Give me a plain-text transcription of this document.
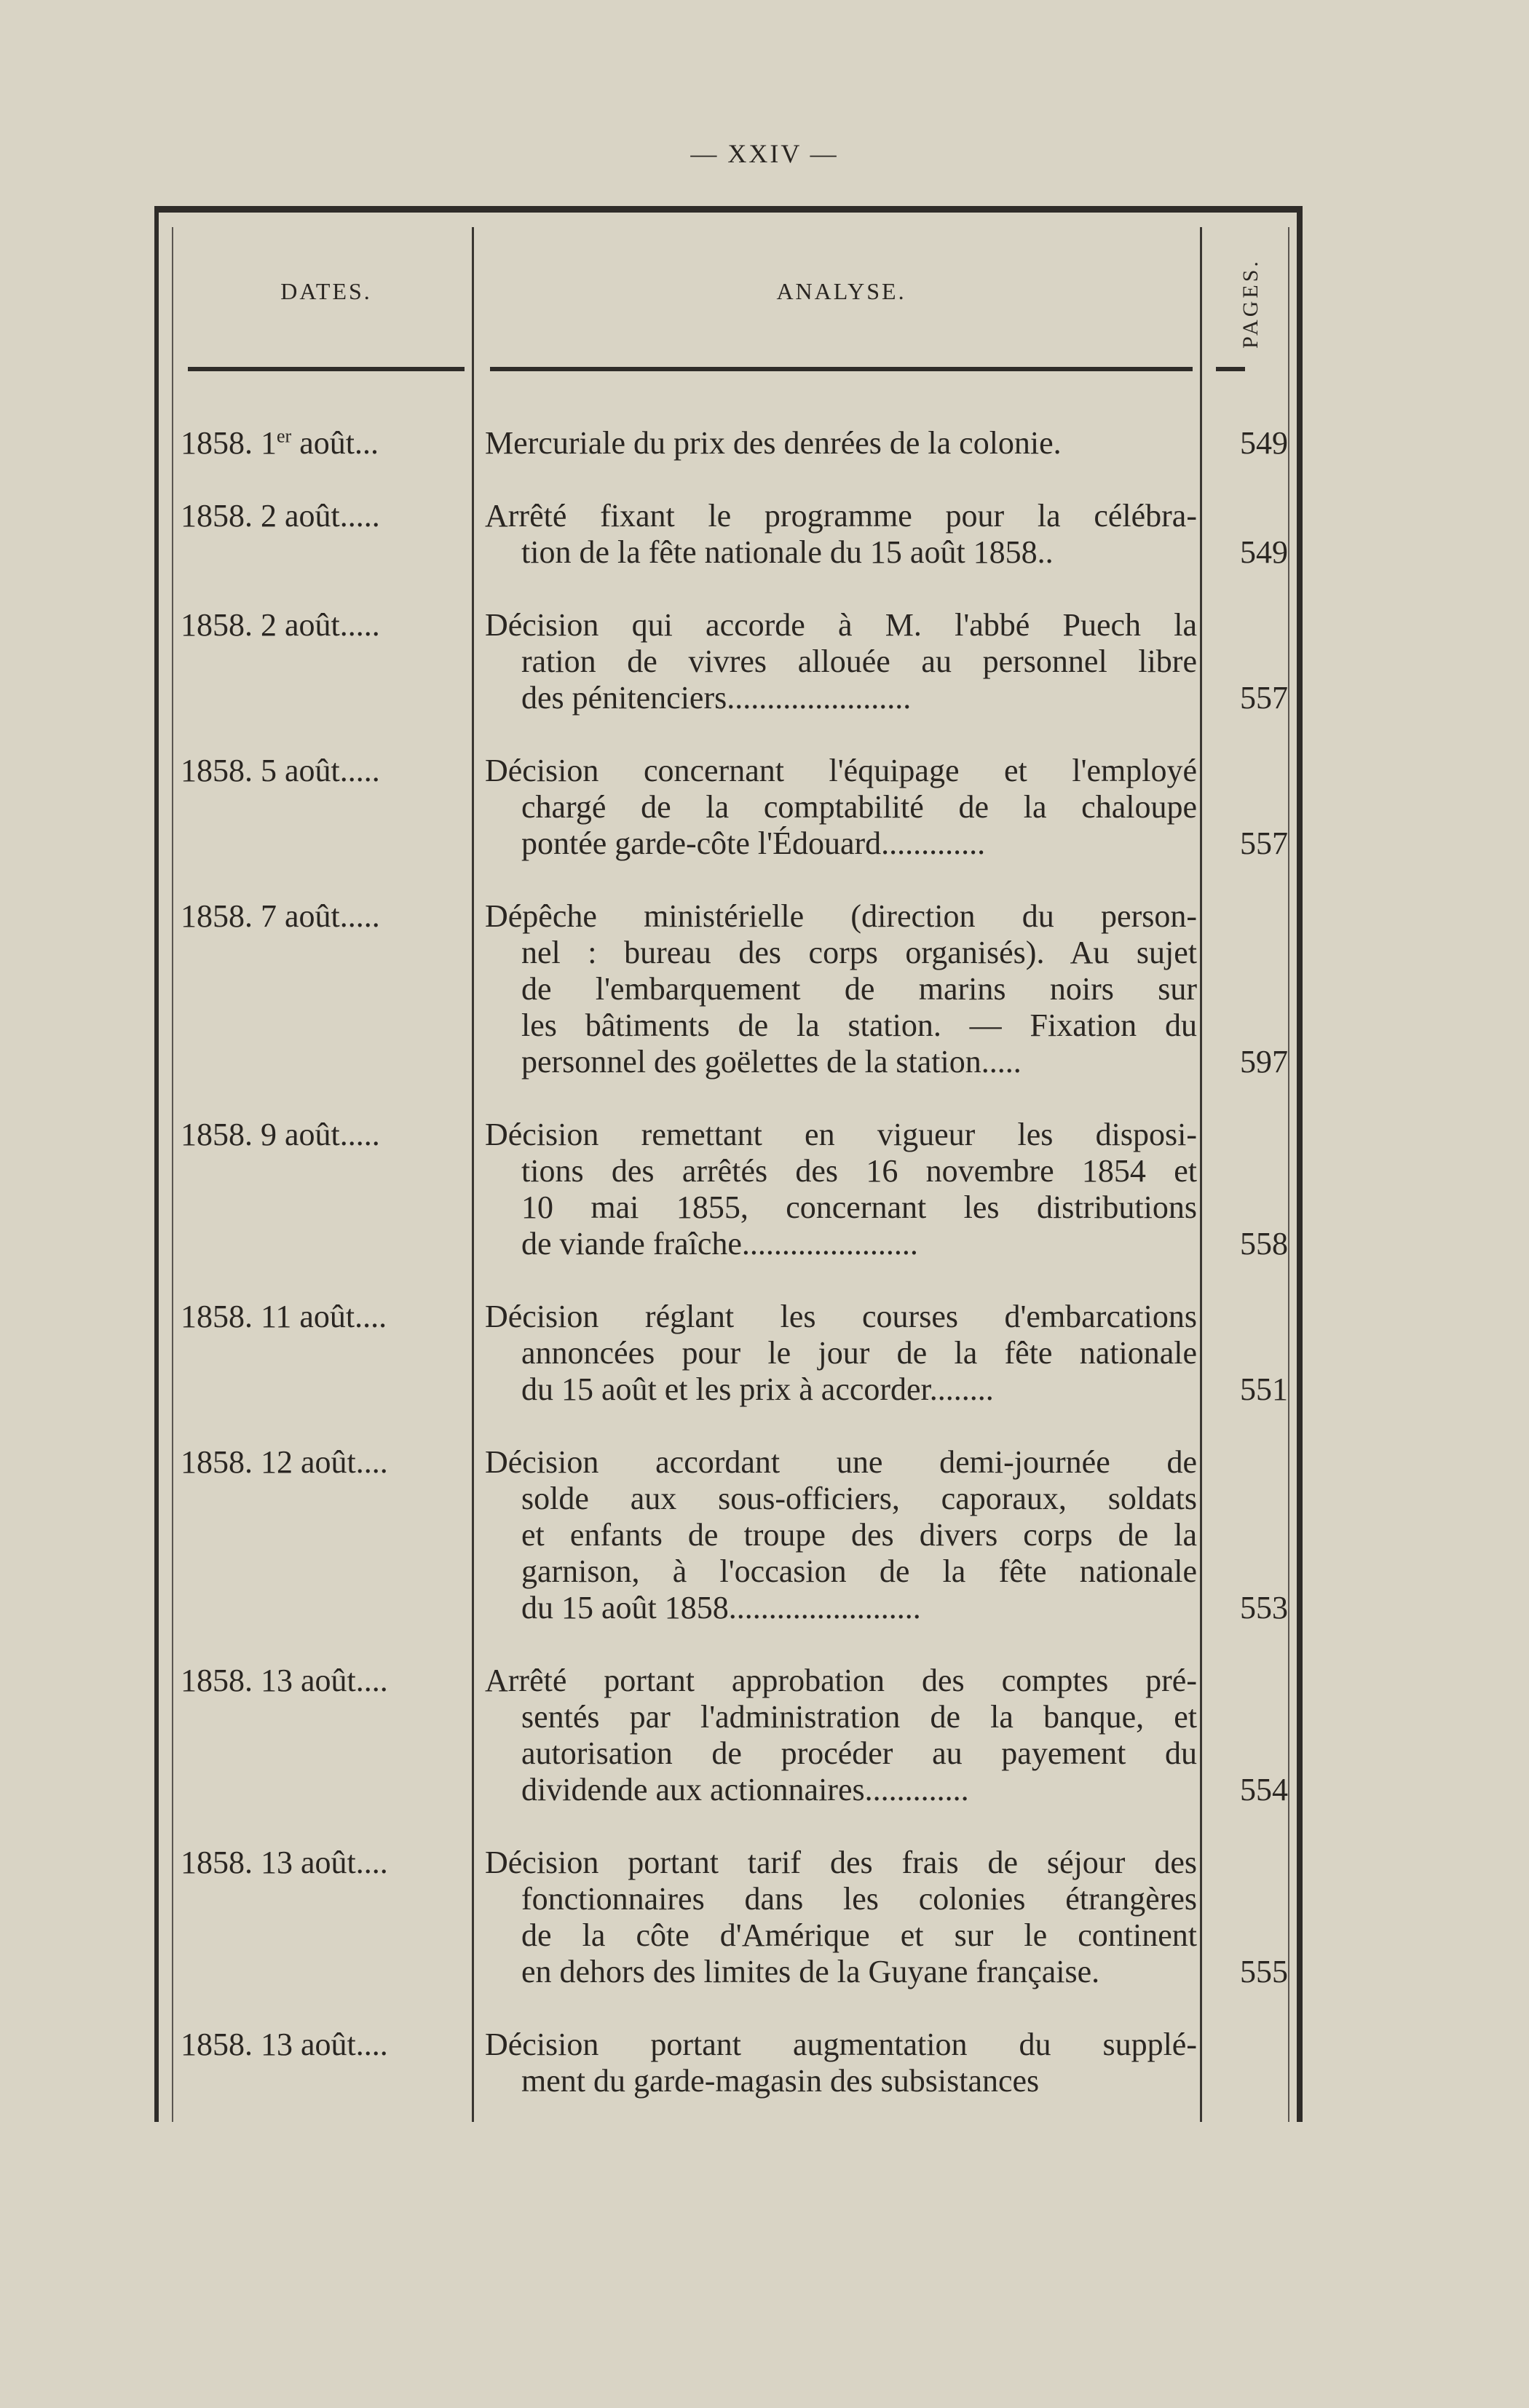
— XXIV —
DATES.	ANALYSE.	PAGES.
1858. 1er août...	Mercuriale du prix des denrées de la colonie.	549
1858. 2 août.....	Arrêté fixant le programme pour la célébra-
tion de la fête nationale du 15 août 1858..	549
1858. 2 août.....	Décision qui accorde à M. l'abbé Puech la
ration de vivres allouée au personnel libre
des pénitenciers.......................	557
1858. 5 août.....	Décision concernant l'équipage et l'employé
chargé de la comptabilité de la chaloupe
pontée garde-côte l'Édouard.............	557
1858. 7 août.....	Dépêche ministérielle (direction du person-
nel : bureau des corps organisés). Au sujet
de l'embarquement de marins noirs sur
les bâtiments de la station. — Fixation du
personnel des goëlettes de la station.....	597
1858. 9 août.....	Décision remettant en vigueur les disposi-
tions des arrêtés des 16 novembre 1854 et
10 mai 1855, concernant les distributions
de viande fraîche......................	558
1858. 11 août....	Décision réglant les courses d'embarcations
annoncées pour le jour de la fête nationale
du 15 août et les prix à accorder........	551
1858. 12 août....	Décision accordant une demi-journée de
solde aux sous-officiers, caporaux, soldats
et enfants de troupe des divers corps de la
garnison, à l'occasion de la fête nationale
du 15 août 1858........................	553
1858. 13 août....	Arrêté portant approbation des comptes pré-
sentés par l'administration de la banque, et
autorisation de procéder au payement du
dividende aux actionnaires.............	554
1858. 13 août....	Décision portant tarif des frais de séjour des
fonctionnaires dans les colonies étrangères
de la côte d'Amérique et sur le continent
en dehors des limites de la Guyane française.	555
1858. 13 août....	Décision portant augmentation du supplé-
ment du garde-magasin des subsistances
